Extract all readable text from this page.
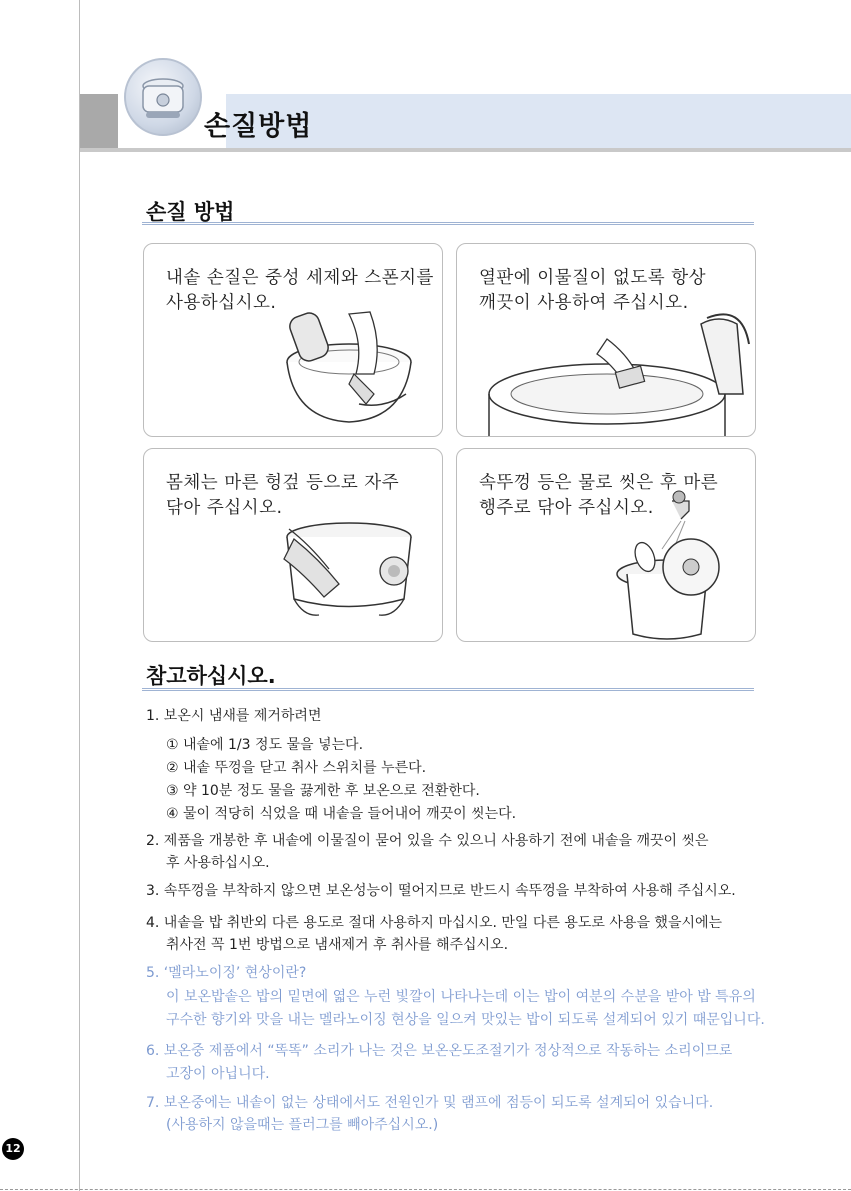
손질방법
손질 방법
내솥 손질은 중성 세제와 스폰지를
사용하십시오.
열판에 이물질이 없도록 항상
깨끗이 사용하여 주십시오.
몸체는 마른 헝겊 등으로 자주
닦아 주십시오.
속뚜껑 등은 물로 씻은 후 마른
행주로 닦아 주십시오.
참고하십시오.
1. 보온시 냄새를 제거하려면
① 내솥에 1/3 정도 물을 넣는다.
② 내솥 뚜껑을 닫고 취사 스위치를 누른다.
③ 약 10분 정도 물을 끓게한 후 보온으로 전환한다.
④ 물이 적당히 식었을 때 내솥을 들어내어 깨끗이 씻는다.
2. 제품을 개봉한 후 내솥에 이물질이 묻어 있을 수 있으니 사용하기 전에 내솥을 깨끗이 씻은
후 사용하십시오.
3. 속뚜껑을 부착하지 않으면 보온성능이 떨어지므로 반드시 속뚜껑을 부착하여 사용해 주십시오.
4. 내솥을 밥 취반외 다른 용도로 절대 사용하지 마십시오. 만일 다른 용도로 사용을 했을시에는
취사전 꼭 1번 방법으로 냄새제거 후 취사를 해주십시오.
5. ‘멜라노이징’ 현상이란?
이 보온밥솥은 밥의 밑면에 엷은 누런 빛깔이 나타나는데 이는 밥이 여분의 수분을 받아 밥 특유의
구수한 향기와 맛을 내는 멜라노이징 현상을 일으켜 맛있는 밥이 되도록 설계되어 있기 때문입니다.
6. 보온중 제품에서 “똑똑” 소리가 나는 것은 보온온도조절기가 정상적으로 작동하는 소리이므로
고장이 아닙니다.
7. 보온중에는 내솥이 없는 상태에서도 전원인가 및 램프에 점등이 되도록 설계되어 있습니다.
(사용하지 않을때는 플러그를 빼아주십시오.)
12
